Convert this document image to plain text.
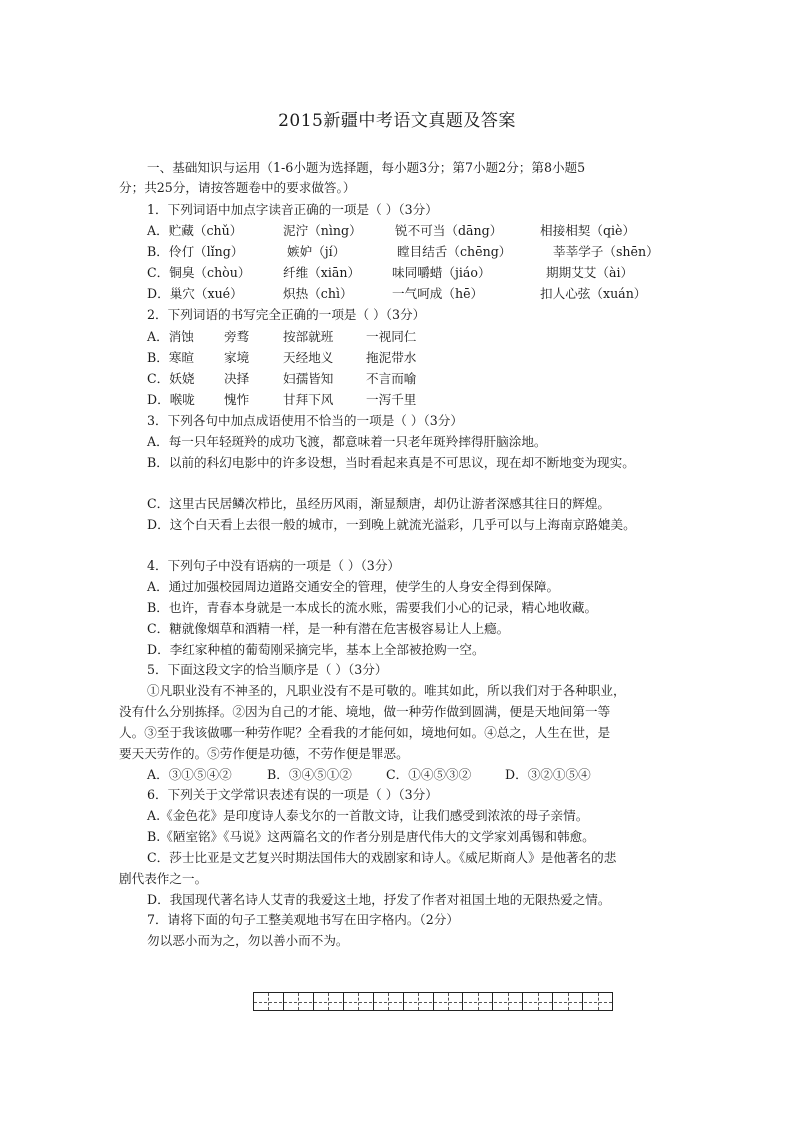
2015新疆中考语文真题及答案
一、基础知识与运用（1-6小题为选择题，每小题3分；第7小题2分；第8小题5
分；共25分，请按答题卷中的要求做答。）
1．下列词语中加点字读音正确的一项是（ ）（3分）
A．贮藏（chǔ）	泥泞（nìng）	锐不可当（dāng）	相接相契（qiè）
B．伶仃（lǐng）	嫉妒（jí）	瞠目结舌（chēng）	莘莘学子（shēn）
C．铜臭（chòu）	纤维（xiān）	味同嚼蜡（jiáo）	期期艾艾（ài）
D．巢穴（xué）	炽热（chì）	一气呵成（hē）	扣人心弦（xuán）
2．下列词语的书写完全正确的一项是（ ）（3分）
A．消蚀 旁骛	按部就班	一视同仁
B．寒暄 家境	天经地义	拖泥带水
C．妖娆 决择	妇孺皆知	不言而喻
D．喉咙 愧怍	甘拜下风	一泻千里
3．下列各句中加点成语使用不恰当的一项是（ ）（3分）
A．每一只年轻斑羚的成功飞渡，都意味着一只老年斑羚摔得肝脑涂地。
B．以前的科幻电影中的许多设想，当时看起来真是不可思议，现在却不断地变为现实。
C．这里古民居鳞次栉比，虽经历风雨，渐显颓唐，却仍让游者深感其往日的辉煌。
D．这个白天看上去很一般的城市，一到晚上就流光溢彩，几乎可以与上海南京路媲美。
4．下列句子中没有语病的一项是（ ）（3分）
A．通过加强校园周边道路交通安全的管理，使学生的人身安全得到保障。
B．也许，青春本身就是一本成长的流水账，需要我们小心的记录，精心地收藏。
C．糖就像烟草和酒精一样，是一种有潜在危害极容易让人上瘾。
D．李红家种植的葡萄刚采摘完毕，基本上全部被抢购一空。
5．下面这段文字的恰当顺序是（ ）（3分）
①凡职业没有不神圣的，凡职业没有不是可敬的。唯其如此，所以我们对于各种职业，
没有什么分别拣择。②因为自己的才能、境地，做一种劳作做到圆满，便是天地间第一等
人。③至于我该做哪一种劳作呢？全看我的才能何如，境地何如。④总之，人生在世，是
要天天劳作的。⑤劳作便是功德，不劳作便是罪恶。
A．③①⑤④②	B．③④⑤①②	C．①④⑤③②	D．③②①⑤④
6．下列关于文学常识表述有误的一项是（ ）（3分）
A.《金色花》是印度诗人泰戈尔的一首散文诗，让我们感受到浓浓的母子亲情。
B.《陋室铭》《马说》这两篇名文的作者分别是唐代伟大的文学家刘禹锡和韩愈。
C．莎士比亚是文艺复兴时期法国伟大的戏剧家和诗人。《威尼斯商人》是他著名的悲
剧代表作之一。
D．我国现代著名诗人艾青的我爱这土地，抒发了作者对祖国土地的无限热爱之情。
7．请将下面的句子工整美观地书写在田字格内。（2分）
勿以恶小而为之，勿以善小而不为。
